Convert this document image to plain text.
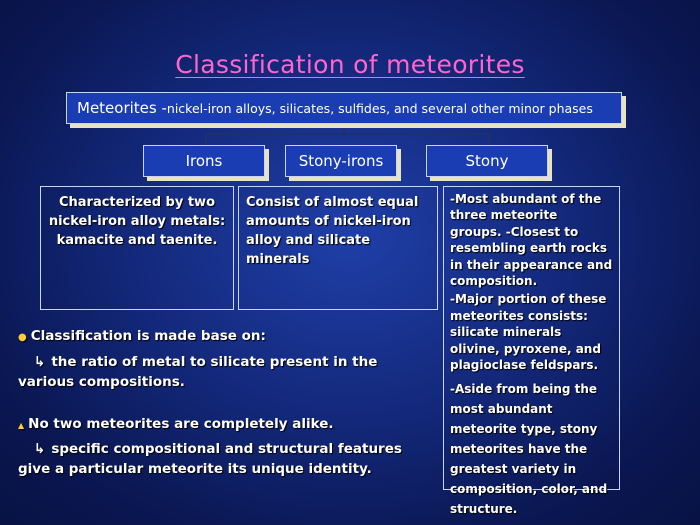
Classification of meteorites
Meteorites - nickel-iron alloys, silicates, sulfides, and several other minor phases
Irons	Stony-irons	Stony
Characterized by two nickel-iron alloy metals: kamacite and taenite.
Consist of almost equal amounts of nickel-iron alloy and silicate minerals

-Most abundant of the three meteorite groups. -Closest to resembling earth rocks in their appearance and composition.

-Major portion of these meteorites consists: silicate minerals olivine, pyroxene, and plagioclase feldspars.

-Aside from being the most abundant meteorite type, stony meteorites have the greatest variety in composition, color, and structure.

● Classification is made base on:
↳ the ratio of metal to silicate present in the various compositions.
▲ No two meteorites are completely alike.
↳ specific compositional and structural features give a particular meteorite its unique identity.
